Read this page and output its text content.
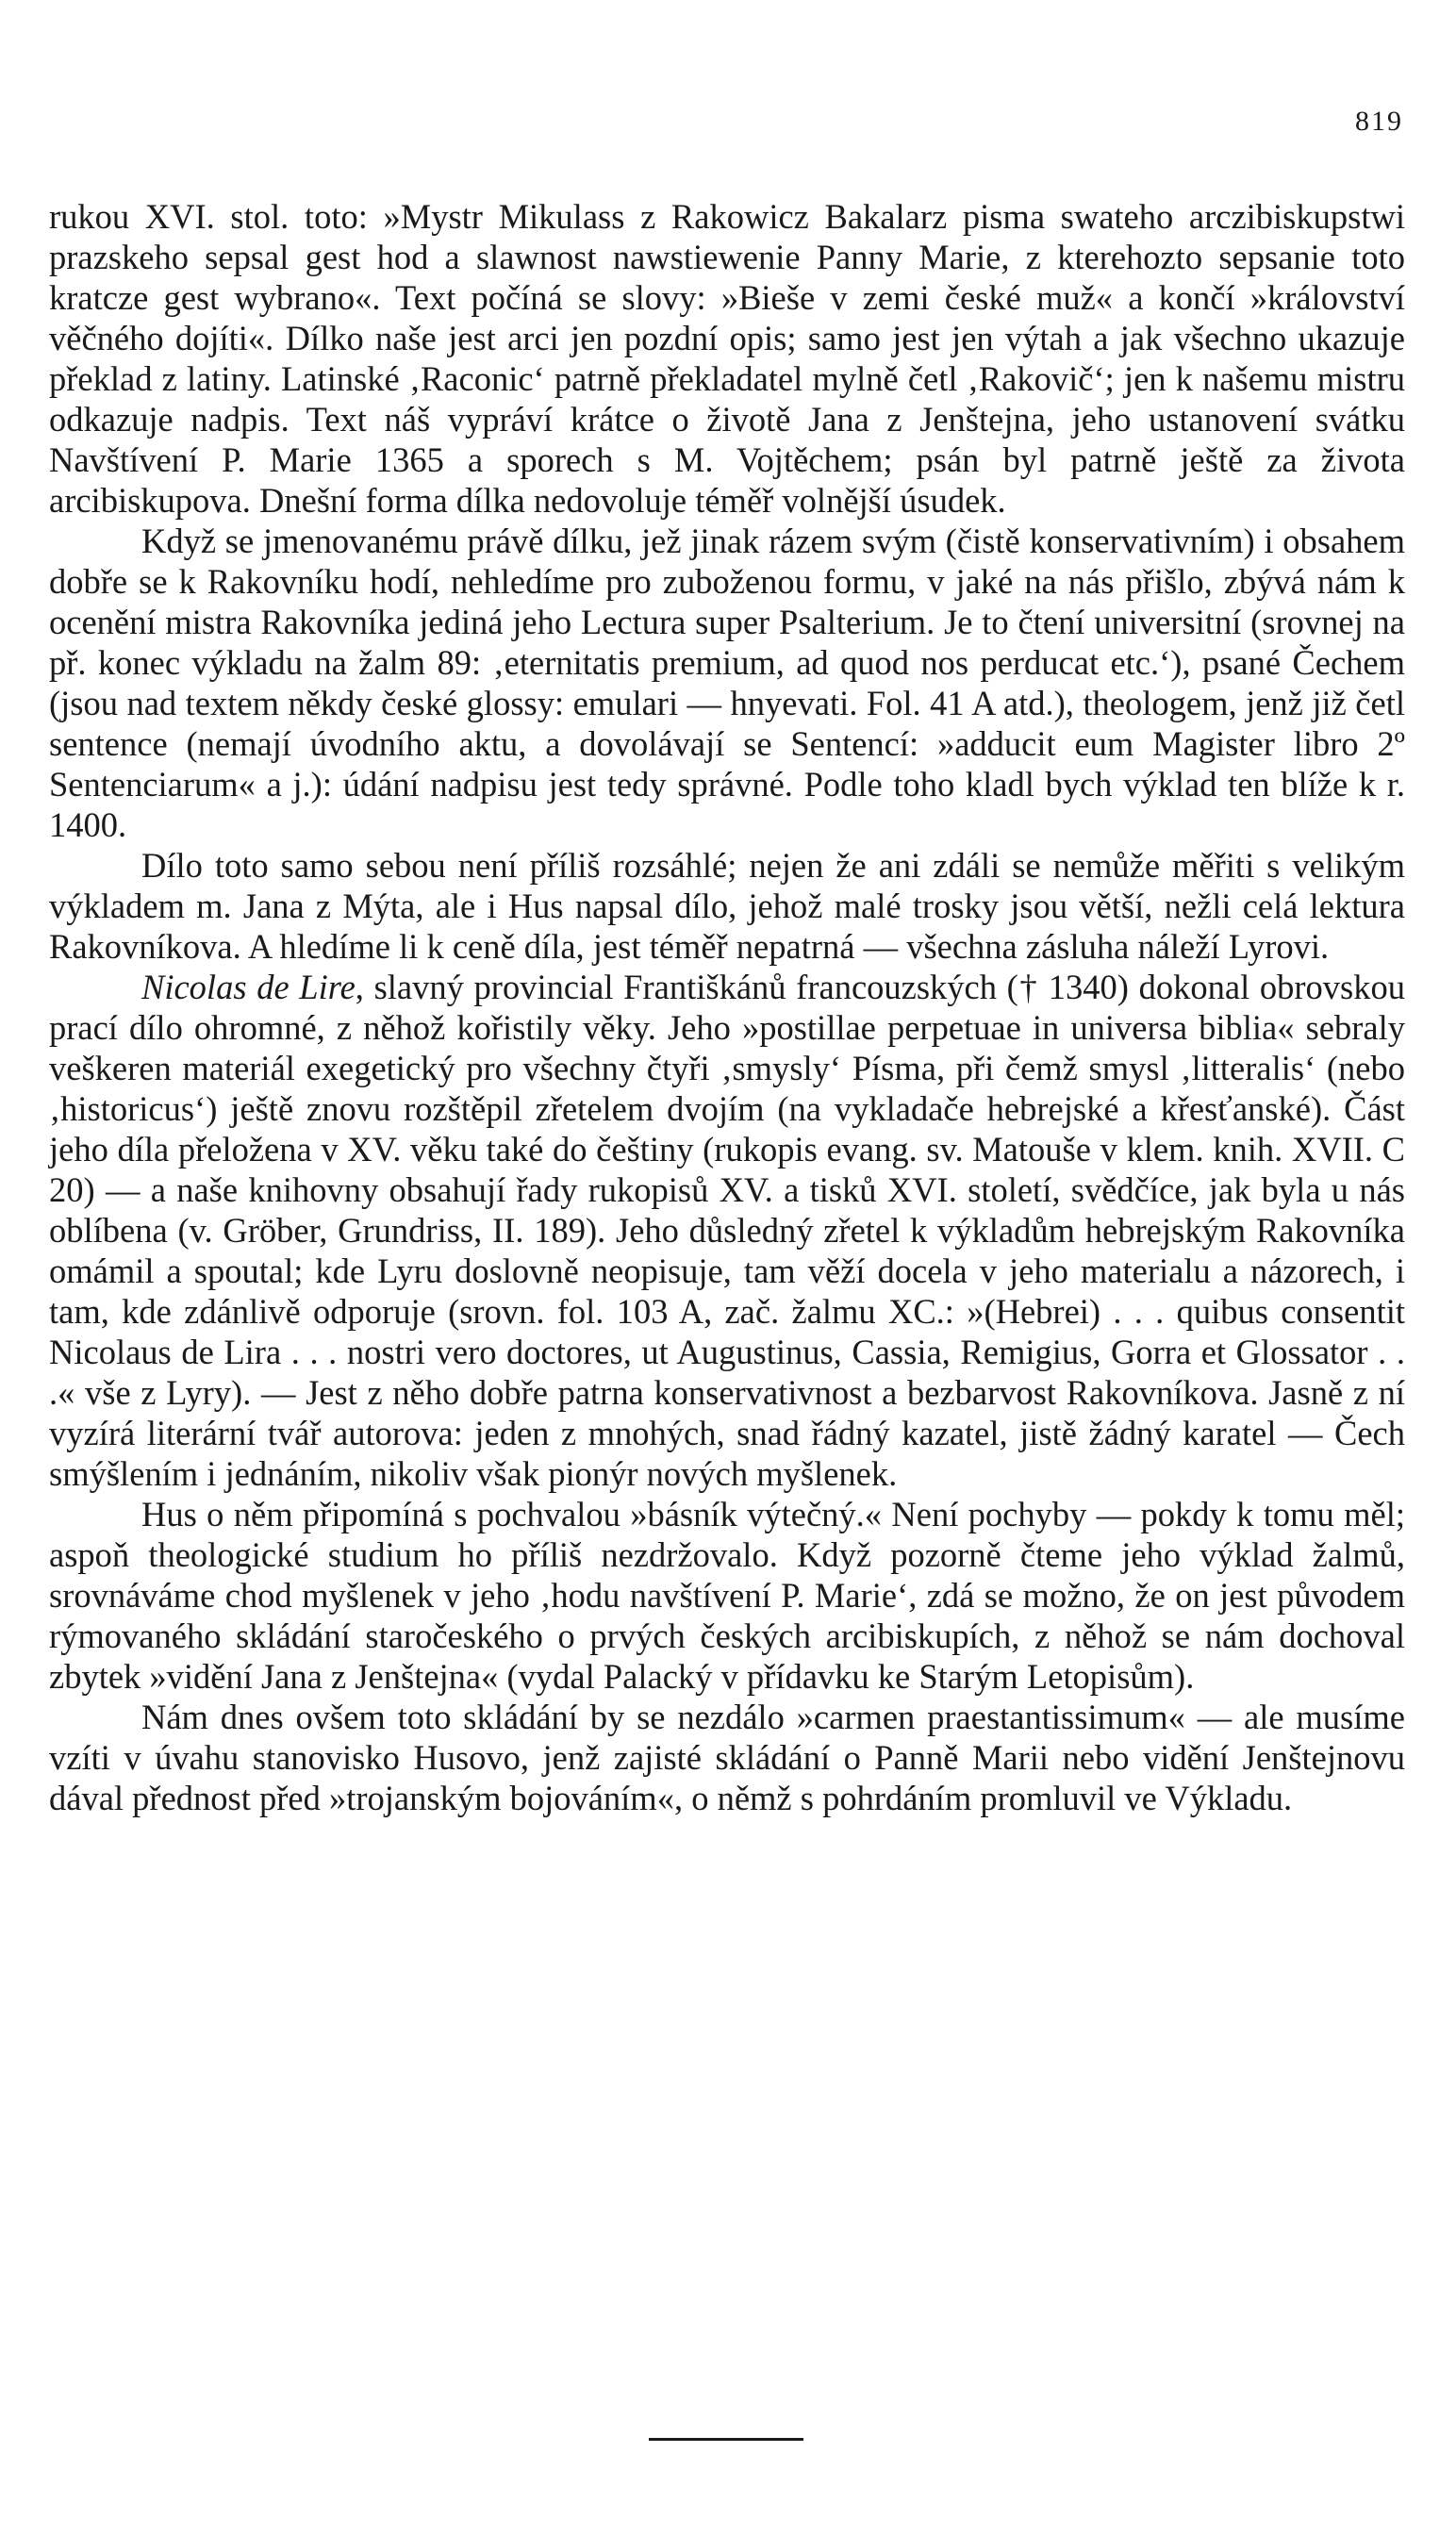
819

rukou XVI. stol. toto: »Mystr Mikulass z Rakowicz Bakalarz pisma swateho arczibiskupstwi prazskeho sepsal gest hod a slawnost nawstiewenie Panny Marie, z kterehozto sepsanie toto kratcze gest wybrano«. Text počíná se slovy: »Bieše v zemi české muž« a končí »království věčného dojíti«. Dílko naše jest arci jen pozdní opis; samo jest jen výtah a jak všechno ukazuje překlad z latiny. Latinské ‚Raconic‘ patrně překladatel mylně četl ‚Rakovič‘; jen k našemu mistru odkazuje nadpis. Text náš vypráví krátce o životě Jana z Jenštejna, jeho ustanovení svátku Navštívení P. Marie 1365 a sporech s M. Vojtěchem; psán byl patrně ještě za života arcibiskupova. Dnešní forma dílka nedovoluje téměř volnější úsudek.

Když se jmenovanému právě dílku, jež jinak rázem svým (čistě konservativním) i obsahem dobře se k Rakovníku hodí, nehledíme pro zuboženou formu, v jaké na nás přišlo, zbývá nám k ocenění mistra Rakovníka jediná jeho Lectura super Psalterium. Je to čtení universitní (srovnej na př. konec výkladu na žalm 89: ‚eternitatis premium, ad quod nos perducat etc.‘), psané Čechem (jsou nad textem někdy české glossy: emulari — hnyevati. Fol. 41 A atd.), theologem, jenž již četl sentence (nemají úvodního aktu, a dovolávají se Sentencí: »adducit eum Magister libro 2º Sentenciarum« a j.): údání nadpisu jest tedy správné. Podle toho kladl bych výklad ten blíže k r. 1400.

Dílo toto samo sebou není příliš rozsáhlé; nejen že ani zdáli se nemůže měřiti s velikým výkladem m. Jana z Mýta, ale i Hus napsal dílo, jehož malé trosky jsou větší, nežli celá lektura Rakovníkova. A hledíme li k ceně díla, jest téměř nepatrná — všechna zásluha náleží Lyrovi.

Nicolas de Lire, slavný provincial Františkánů francouzských († 1340) dokonal obrovskou prací dílo ohromné, z něhož kořistily věky. Jeho »postillae perpetuae in universa biblia« sebraly veškeren materiál exegetický pro všechny čtyři ‚smysly‘ Písma, při čemž smysl ‚litteralis‘ (nebo ‚historicus‘) ještě znovu rozštěpil zřetelem dvojím (na vykladače hebrejské a křesťanské). Část jeho díla přeložena v XV. věku také do češtiny (rukopis evang. sv. Matouše v klem. knih. XVII. C 20) — a naše knihovny obsahují řady rukopisů XV. a tisků XVI. století, svědčíce, jak byla u nás oblíbena (v. Gröber, Grundriss, II. 189). Jeho důsledný zřetel k výkladům hebrejským Rakovníka omámil a spoutal; kde Lyru doslovně neopisuje, tam věží docela v jeho materialu a názorech, i tam, kde zdánlivě odporuje (srovn. fol. 103 A, zač. žalmu XC.: »(Hebrei) . . . quibus consentit Nicolaus de Lira . . . nostri vero doctores, ut Augustinus, Cassia, Remigius, Gorra et Glossator . . .« vše z Lyry). — Jest z něho dobře patrna konservativnost a bezbarvost Rakovníkova. Jasně z ní vyzírá literární tvář autorova: jeden z mnohých, snad řádný kazatel, jistě žádný karatel — Čech smýšlením i jednáním, nikoliv však pionýr nových myšlenek.

Hus o něm připomíná s pochvalou »básník výtečný.« Není pochyby — pokdy k tomu měl; aspoň theologické studium ho příliš nezdržovalo. Když pozorně čteme jeho výklad žalmů, srovnáváme chod myšlenek v jeho ‚hodu navštívení P. Marie‘, zdá se možno, že on jest původem rýmovaného skládání staročeského o prvých českých arcibiskupích, z něhož se nám dochoval zbytek »vidění Jana z Jenštejna« (vydal Palacký v přídavku ke Starým Letopisům).

Nám dnes ovšem toto skládání by se nezdálo »carmen praestantissimum« — ale musíme vzíti v úvahu stanovisko Husovo, jenž zajisté skládání o Panně Marii nebo vidění Jenštejnovu dával přednost před »trojanským bojováním«, o němž s pohrdáním promluvil ve Výkladu.
